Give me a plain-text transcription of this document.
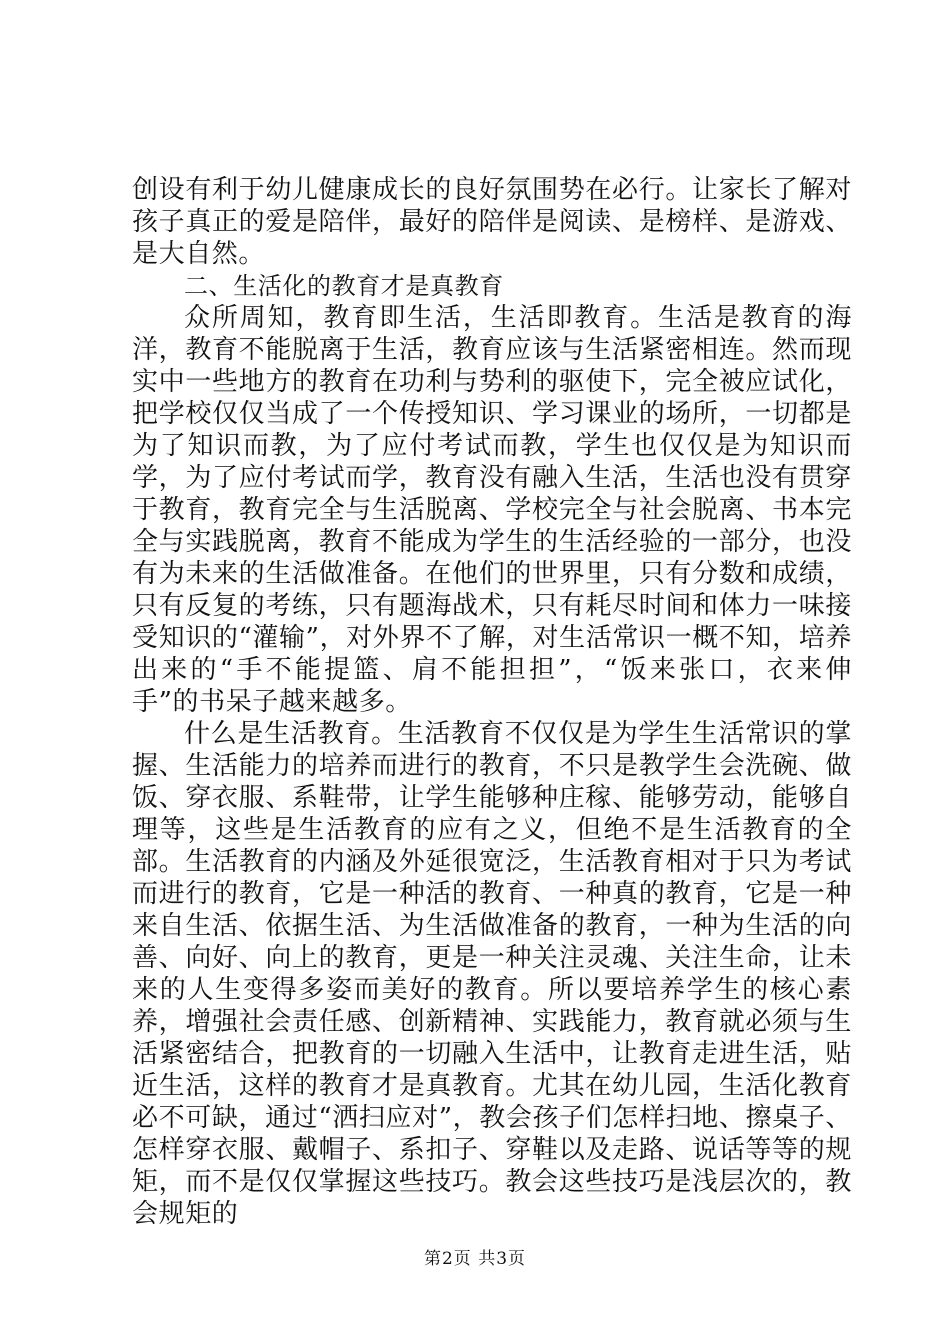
创设有利于幼儿健康成长的良好氛围势在必行。让家长了解对孩子真正的爱是陪伴，最好的陪伴是阅读、是榜样、是游戏、是大自然。

二、生活化的教育才是真教育

众所周知，教育即生活，生活即教育。生活是教育的海洋，教育不能脱离于生活，教育应该与生活紧密相连。然而现实中一些地方的教育在功利与势利的驱使下，完全被应试化，把学校仅仅当成了一个传授知识、学习课业的场所，一切都是为了知识而教，为了应付考试而教，学生也仅仅是为知识而学，为了应付考试而学，教育没有融入生活，生活也没有贯穿于教育，教育完全与生活脱离、学校完全与社会脱离、书本完全与实践脱离，教育不能成为学生的生活经验的一部分，也没有为未来的生活做准备。在他们的世界里，只有分数和成绩，只有反复的考练，只有题海战术，只有耗尽时间和体力一味接受知识的“灌输”，对外界不了解，对生活常识一概不知，培养出来的“手不能提篮、肩不能担担”，“饭来张口，衣来伸手”的书呆子越来越多。

什么是生活教育。生活教育不仅仅是为学生生活常识的掌握、生活能力的培养而进行的教育，不只是教学生会洗碗、做饭、穿衣服、系鞋带，让学生能够种庄稼、能够劳动，能够自理等，这些是生活教育的应有之义，但绝不是生活教育的全部。生活教育的内涵及外延很宽泛，生活教育相对于只为考试而进行的教育，它是一种活的教育、一种真的教育，它是一种来自生活、依据生活、为生活做准备的教育，一种为生活的向善、向好、向上的教育，更是一种关注灵魂、关注生命，让未来的人生变得多姿而美好的教育。所以要培养学生的核心素养，增强社会责任感、创新精神、实践能力，教育就必须与生活紧密结合，把教育的一切融入生活中，让教育走进生活，贴近生活，这样的教育才是真教育。尤其在幼儿园，生活化教育必不可缺，通过“洒扫应对”，教会孩子们怎样扫地、擦桌子、怎样穿衣服、戴帽子、系扣子、穿鞋以及走路、说话等等的规矩，而不是仅仅掌握这些技巧。教会这些技巧是浅层次的，教会规矩的

第2页 共3页
